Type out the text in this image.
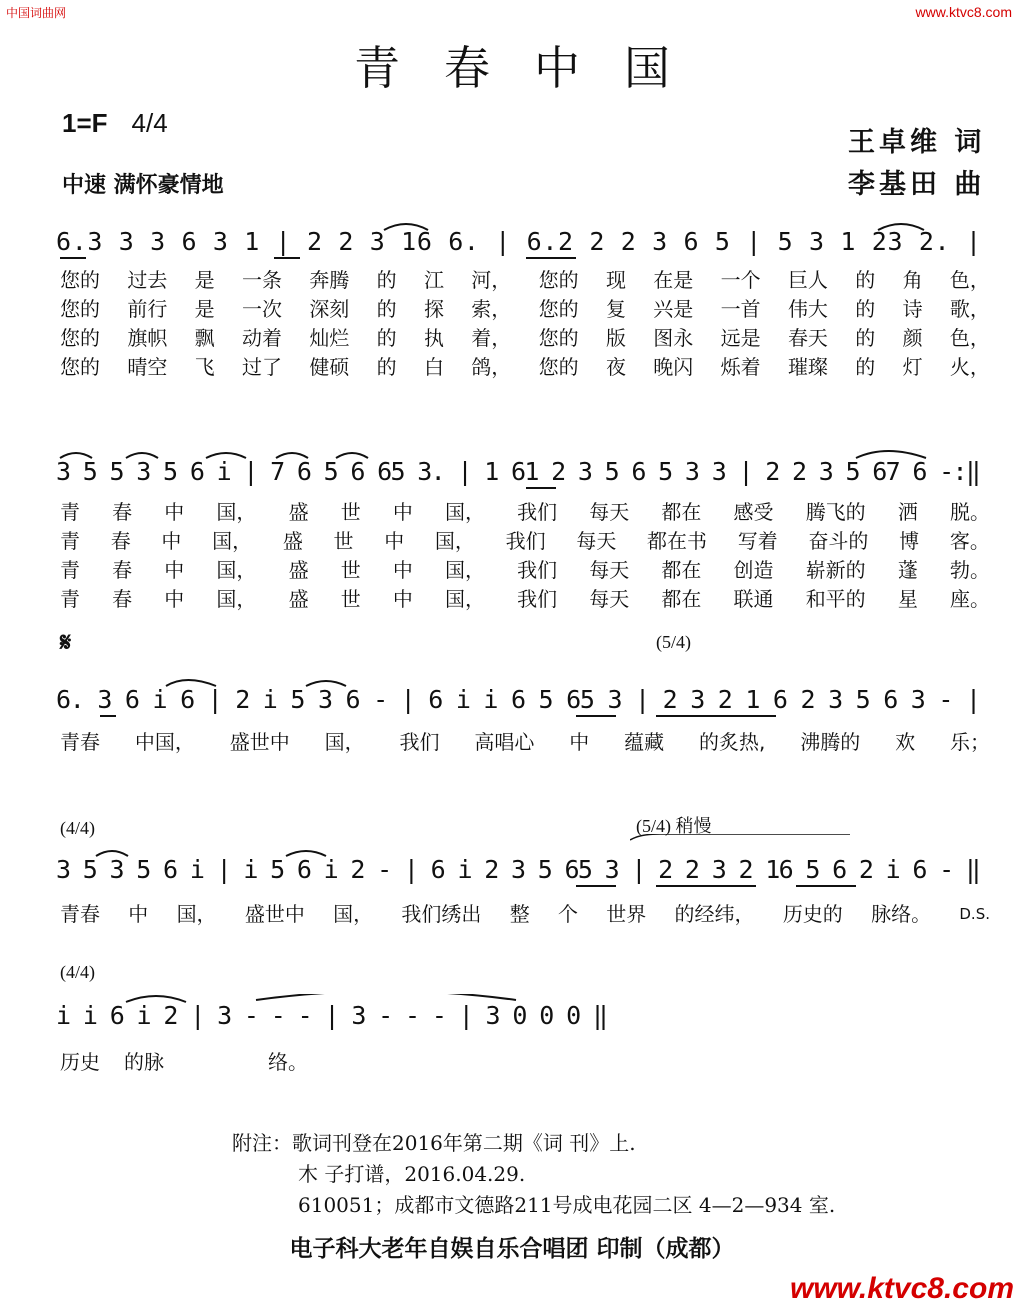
中国词曲网	www.ktvc8.com
青春中国
1=F 4/4
中速 满怀豪情地
王卓维 词
李基田 曲
6.3 3 3 6 3 1 | 2 2 3 16 6. | 6.2 2 2 3 6 5 | 5 3 1 23 2. |
您的 过去 是 一条 奔腾 的 江 河， 您的 现 在是 一个 巨人 的 角 色，
您的 前行 是 一次 深刻 的 探 索， 您的 复 兴是 一首 伟大 的 诗 歌，
您的 旗帜 飘 动着 灿烂 的 执 着， 您的 版 图永 远是 春天 的 颜 色，
您的 晴空 飞 过了 健硕 的 白 鸽， 您的 夜 晚闪 烁着 璀璨 的 灯 火，
3 5 5 3 5 6 i | 7 6 5 6 65 3. | 1 61 2 3 5 6 5 3 3 | 2 2 3 5 67 6 -:‖
青 春 中 国， 盛 世 中 国， 我们 每天 都在 感受 腾飞的 洒 脱。
青 春 中 国， 盛 世 中 国， 我们 每天 都在书 写着 奋斗的 博 客。
青 春 中 国， 盛 世 中 国， 我们 每天 都在 创造 崭新的 蓬 勃。
青 春 中 国， 盛 世 中 国， 我们 每天 都在 联通 和平的 星 座。
𝄋	(5/4)
6. 3 6 i 6 | 2 i 5 3 6 - | 6 i i 6 5 65 3 | 2 3 2 1 6 2 3 5 6 3 - |
青春 中国， 盛世中 国， 我们 高唱心 中 蕴藏 的炙热, 沸腾的 欢 乐；
(4/4)	(5/4) 稍慢
3 5 3 5 6 i | i 5 6 i 2 - | 6 i 2 3 5 65 3 | 2 2 3 2 16 5 6 2 i 6 - ‖
青春 中 国， 盛世中 国， 我们绣出 整 个 世界 的经纬， 历史的 脉络。 D.S.
(4/4)
i i 6 i 2 | 3 - - - | 3 - - - | 3 0 0 0 ‖
历史 的脉	络。
附注：歌词刊登在2016年第二期《词 刊》上.
木 子打谱，2016.04.29.
610051；成都市文德路211号成电花园二区 4—2—934 室.
电子科大老年自娱自乐合唱团 印制（成都）
www.ktvc8.com
